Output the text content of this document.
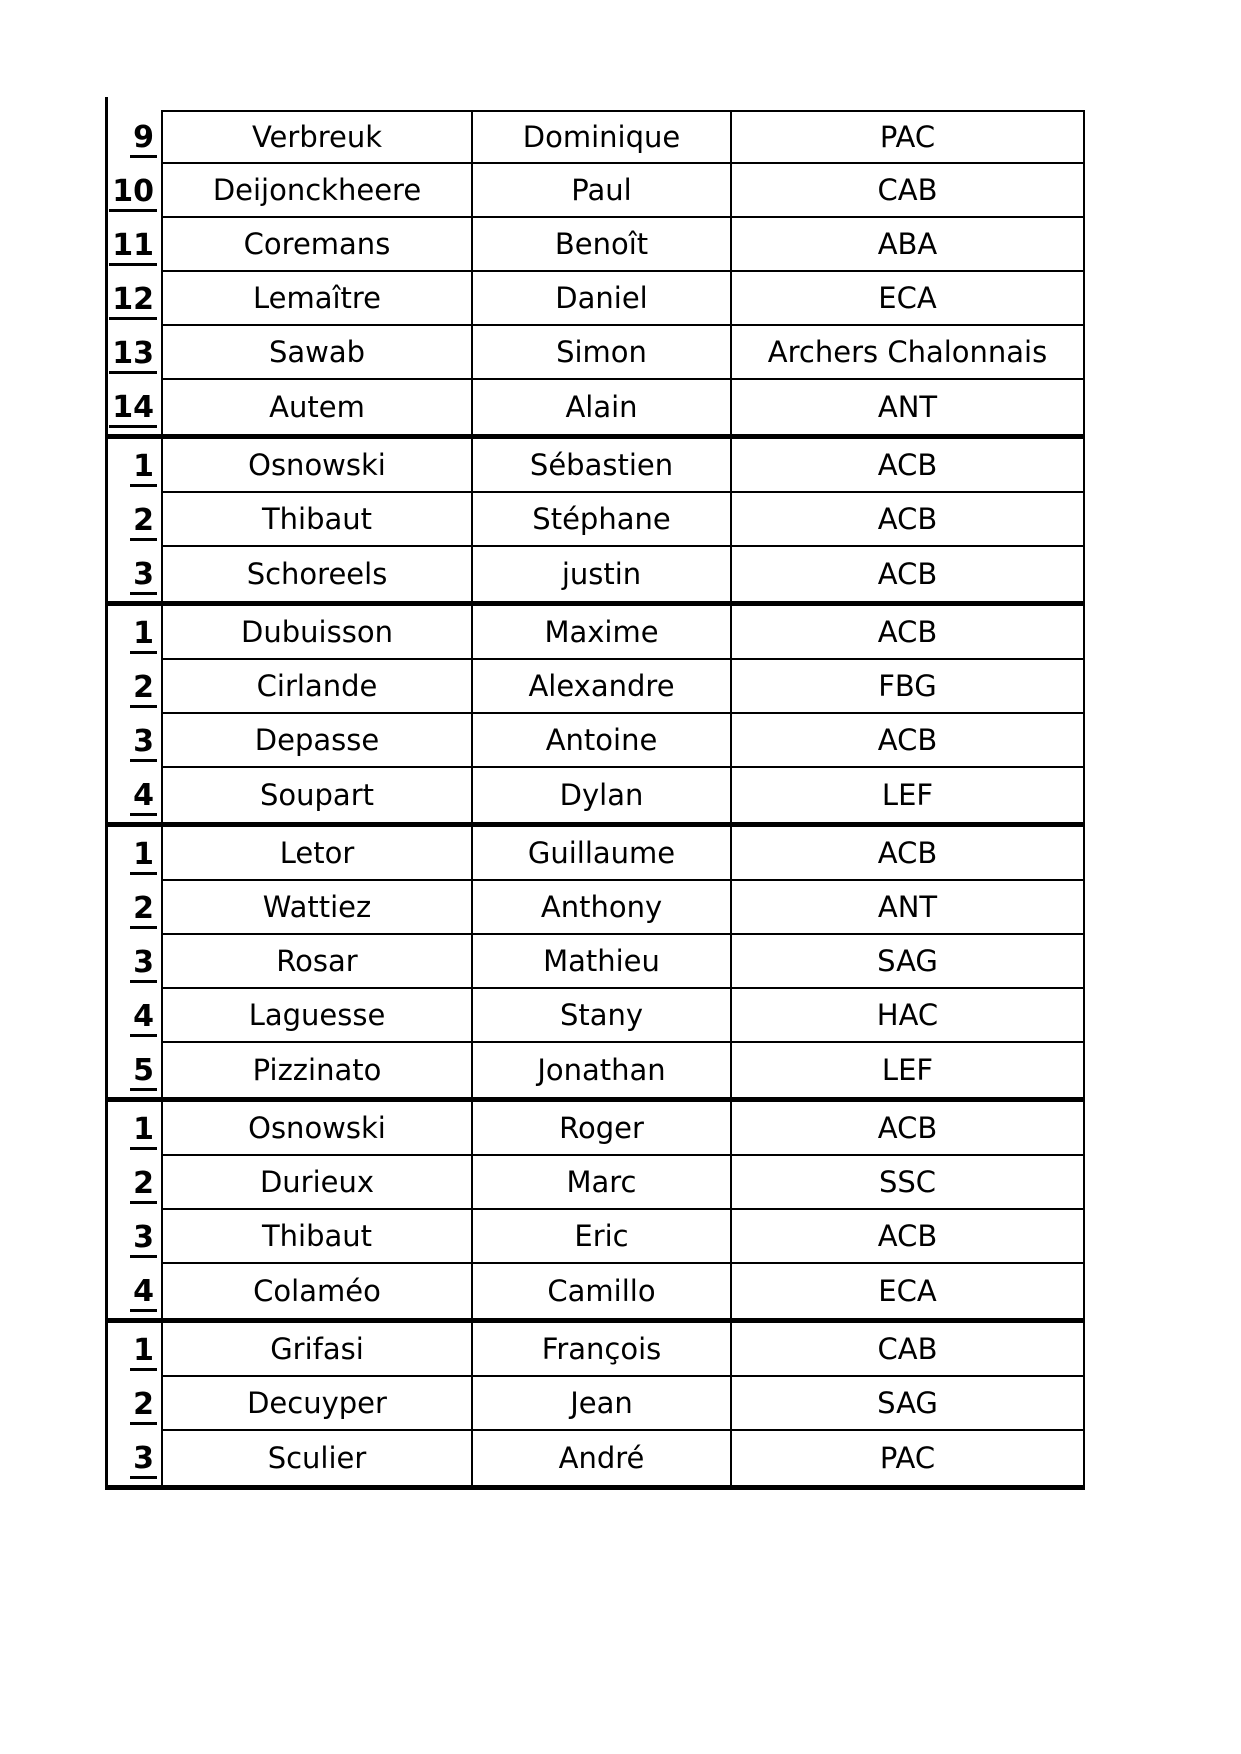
9	Verbreuk	Dominique	PAC
10	Deijonckheere	Paul	CAB
11	Coremans	Benoît	ABA
12	Lemaître	Daniel	ECA
13	Sawab	Simon	Archers Chalonnais
14	Autem	Alain	ANT
1	Osnowski	Sébastien	ACB
2	Thibaut	Stéphane	ACB
3	Schoreels	justin	ACB
1	Dubuisson	Maxime	ACB
2	Cirlande	Alexandre	FBG
3	Depasse	Antoine	ACB
4	Soupart	Dylan	LEF
1	Letor	Guillaume	ACB
2	Wattiez	Anthony	ANT
3	Rosar	Mathieu	SAG
4	Laguesse	Stany	HAC
5	Pizzinato	Jonathan	LEF
1	Osnowski	Roger	ACB
2	Durieux	Marc	SSC
3	Thibaut	Eric	ACB
4	Colaméo	Camillo	ECA
1	Grifasi	François	CAB
2	Decuyper	Jean	SAG
3	Sculier	André	PAC
